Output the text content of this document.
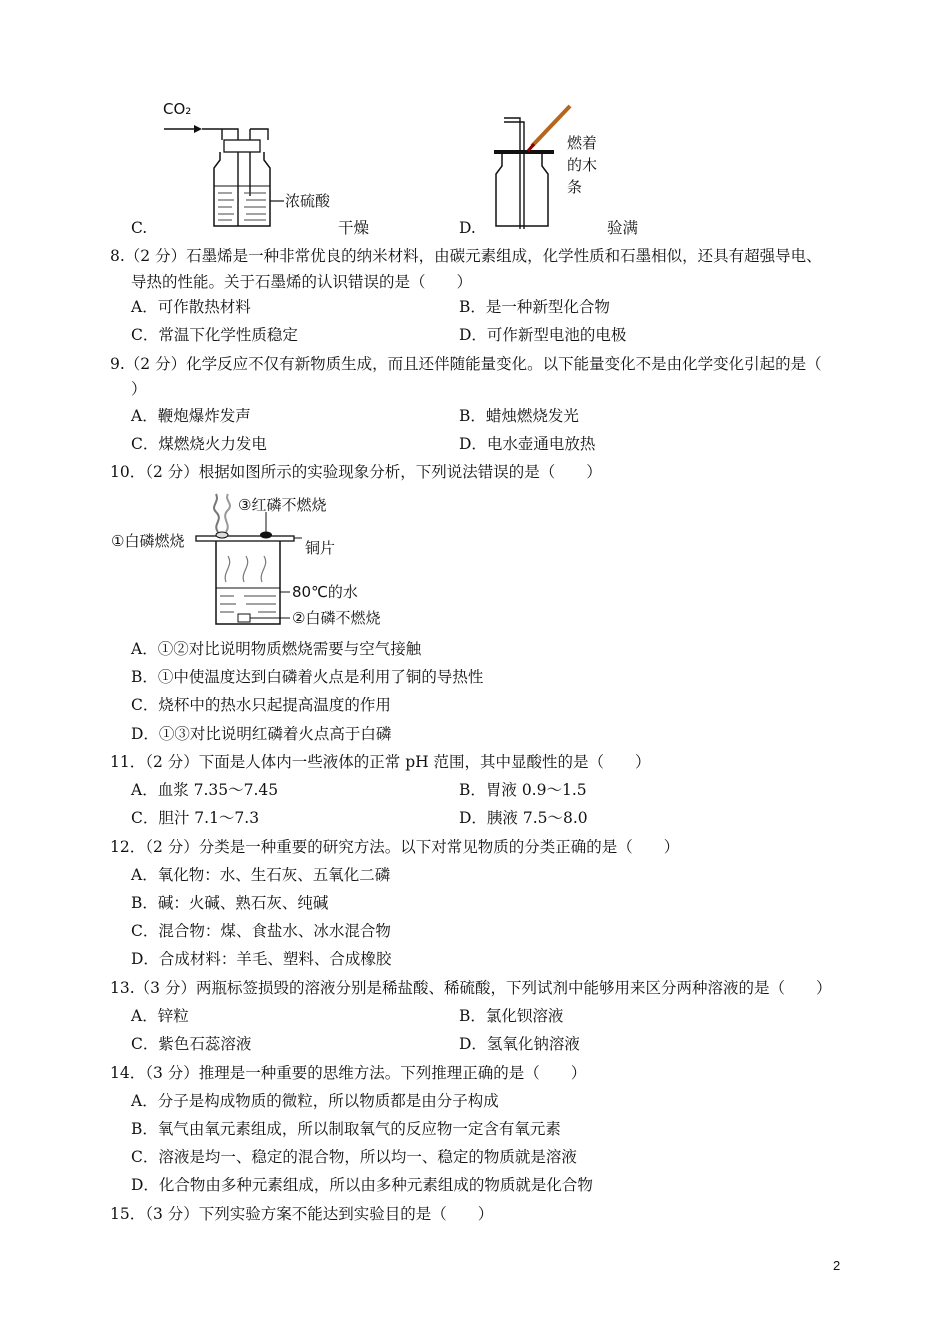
CO₂
浓硫酸
C.	干燥
燃着
的木
条
D.	验满
8.（2 分）石墨烯是一种非常优良的纳米材料，由碳元素组成，化学性质和石墨相似，还具有超强导电、
导热的性能。关于石墨烯的认识错误的是（　　）
A．可作散热材料	B．是一种新型化合物
C．常温下化学性质稳定	D．可作新型电池的电极
9.（2 分）化学反应不仅有新物质生成，而且还伴随能量变化。以下能量变化不是由化学变化引起的是（
）
A．鞭炮爆炸发声	B．蜡烛燃烧发光
C．煤燃烧火力发电	D．电水壶通电放热
10．（2 分）根据如图所示的实验现象分析，下列说法错误的是（　　）
③红磷不燃烧
①白磷燃烧	铜片
80℃的水
②白磷不燃烧
A．①②对比说明物质燃烧需要与空气接触
B．①中使温度达到白磷着火点是利用了铜的导热性
C．烧杯中的热水只起提高温度的作用
D．①③对比说明红磷着火点高于白磷
11．（2 分）下面是人体内一些液体的正常 pH 范围，其中显酸性的是（　　）
A．血浆 7.35～7.45	B．胃液 0.9～1.5
C．胆汁 7.1～7.3	D．胰液 7.5～8.0
12．（2 分）分类是一种重要的研究方法。以下对常见物质的分类正确的是（　　）
A．氧化物：水、生石灰、五氧化二磷
B．碱：火碱、熟石灰、纯碱
C．混合物：煤、食盐水、冰水混合物
D．合成材料：羊毛、塑料、合成橡胶
13.（3 分）两瓶标签损毁的溶液分别是稀盐酸、稀硫酸，下列试剂中能够用来区分两种溶液的是（　　）
A．锌粒	B．氯化钡溶液
C．紫色石蕊溶液	D．氢氧化钠溶液
14．（3 分）推理是一种重要的思维方法。下列推理正确的是（　　）
A．分子是构成物质的微粒，所以物质都是由分子构成
B．氧气由氧元素组成，所以制取氧气的反应物一定含有氧元素
C．溶液是均一、稳定的混合物，所以均一、稳定的物质就是溶液
D．化合物由多种元素组成，所以由多种元素组成的物质就是化合物
15．（3 分）下列实验方案不能达到实验目的是（　　）
2
